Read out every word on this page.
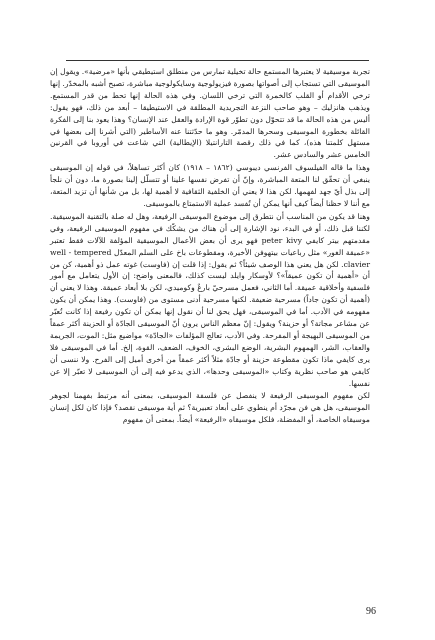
تجربة موسيقية لا يعتبرها المستمع حالة تخيلية تمارس من منطلق استيطيقي بأنها «مرضية». ويقول إن الموسيقى التي تستجاب إلى أصواتها بصورة فيزيولوجية وسايكولوجية مباشرة، تصبح أشبه بالمخدّر. إنها ترخي الأقدام أو القلب كالخمرة التي ترخي اللسان. وفي هذه الحالة إنها تحط من قدر المستمع. ويذهب هانزليك – وهو صاحب النزعة التجريدية المطلقة في الاستيطيقا – أبعد من ذلك، فهو يقول: أليس من هذه الحالة ما قد تتحوّل دون تطوّر قوة الإرادة والعقل عند الإنسان؟ وهذا يعود بنا إلى الفكرة القائلة بخطورة الموسيقى وسحرها المدمّر. وهو ما حدّثتنا عنه الأساطير (التي أشرنا إلى بعضها في مستهل كلمتنا هذه)، كما في ذلك رقصة التارانتيلا (الإيطالية) التي شاعت في أوروبا في القرنين الخامس عشر والسادس عشر.

وهذا ما قاله الفيلسوف الفرنسي ديبوسي (١٨٦٢ – ١٩١٨) كان أكثر تساهلاً، في قوله إن الموسيقى ينبغي أن تحقّق لنا المتعة المباشرة، وإنّ أن تفرض نفسها علينا أو تتسلّل إلينا بصورة ما، دون أن نلجأ إلى بذل أيّ جهد لفهمها. لكن هذا لا يعني أن الخلفية الثقافية لا أهمية لها، بل من شأنها أن تزيد المتعة، مع أننا لا حظنا أيضاً كيف أنها يمكن أن تُفسد عملية الاستمتاع بالموسيقى.

وهنا قد يكون من المناسب أن نتطرق إلى موضوع الموسيقى الرفيعة، وهل له صلة بالتقنية الموسيقية. لكننا قبل ذلك، أو في البدء، نود الإشارة إلى أن هناك من يشكّك في مفهوم الموسيقى الرفيعة، وفي مقدمتهم بيتر كايفي peter kivy فهو يرى أن بعض الأعمال الموسيقية المؤلفة للآلات فقط تعتبر «عميقة الغور» مثل رباعيات بيتهوفن الأخيرة، ومقطوعات باخ على السلم المعدّل well - tempered clavier. لكن هل يعني هذا الوصف شيئاً؟ ثم يقول: إذا قلت إن (فاوست) غوته عمل ذو أهمية، كن من أن «أهمية أن تكون عميقاً»؟ لأوسكار وايلد ليست كذلك، فالمعنى واضح: إن الأول يتعامل مع أمور فلسفية وأخلاقية عميقة. أما الثاني، فعمل مسرحيّ بارعٌ وكوميدي، لكن بلا أبعاد عميقة. وهذا لا يعني أن (أهمية أن تكون جاداً) مسرحية ضعيفة. لكنها مسرحية أدنى مستوى من (فاوست). وهذا يمكن أن يكون مفهومه في الأدب. أما في الموسيقى، فهل يحق لنا أن نقول إنها يمكن أن تكون رفيعة إذا كانت تُعبّر عن مشاعر مجاتة؟ أو حزينة؟ ويقول: إنّ معظم الناس يرون أنّ الموسيقى الجادّة أو الحزينة أكثر عمقاً من الموسيقى البهيجة أو المفرحة. وفي الأدب، تعالج المؤلفات «الجادّة» مواضيع مثل: الموت، الجريمة والعقاب، الشر، الهمهوم البشرية، الوضع البشري، الخوف، الضعف، القوة، إلخ. أما في الموسيقى فلا يرى كايفي ماذا تكون مقطوعة حزينة أو جادّة مثلاً أكثر عمقاً من أخرى أميل إلى الفرح. ولا ننسى أن كايفي هو صاحب نظرية وكتاب «الموسيقى وحدها»، الذي يدعو فيه إلى أن الموسيقى لا تعبّر إلا عن نفسها.

لكن مفهوم الموسيقى الرفيعة لا ينفصل عن فلسفة الموسيقى، بمعنى أنه مرتبط بفهمنا لجوهر الموسيقى، هل هي فن مجرّد أم ينطوي على أبعاد تعبيرية؟ ثم أية موسيقى نقصد؟ فإذا كان لكل إنسان موسيقاه الخاصة، أو المفضلة، فلكل موسيقاه «الرفيعة» أيضاً. بمعنى أن مفهوم

96
